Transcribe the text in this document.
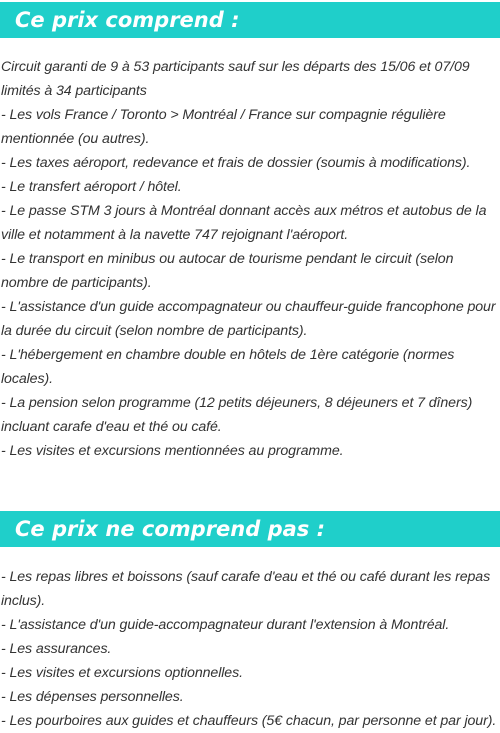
Ce prix comprend :
Circuit garanti de 9 à 53 participants sauf sur les départs des 15/06 et 07/09
limités à 34 participants
- Les vols France / Toronto > Montréal / France sur compagnie régulière
mentionnée (ou autres).
- Les taxes aéroport, redevance et frais de dossier (soumis à modifications).
- Le transfert aéroport / hôtel.
- Le passe STM 3 jours à Montréal donnant accès aux métros et autobus de la
ville et notamment à la navette 747 rejoignant l'aéroport.
- Le transport en minibus ou autocar de tourisme pendant le circuit (selon
nombre de participants).
- L'assistance d'un guide accompagnateur ou chauffeur-guide francophone pour
la durée du circuit (selon nombre de participants).
- L'hébergement en chambre double en hôtels de 1ère catégorie (normes
locales).
- La pension selon programme (12 petits déjeuners, 8 déjeuners et 7 dîners)
incluant carafe d'eau et thé ou café.
- Les visites et excursions mentionnées au programme.
Ce prix ne comprend pas :
- Les repas libres et boissons (sauf carafe d'eau et thé ou café durant les repas
inclus).
- L'assistance d'un guide-accompagnateur durant l'extension à Montréal.
- Les assurances.
- Les visites et excursions optionnelles.
- Les dépenses personnelles.
- Les pourboires aux guides et chauffeurs (5€ chacun, par personne et par jour).
